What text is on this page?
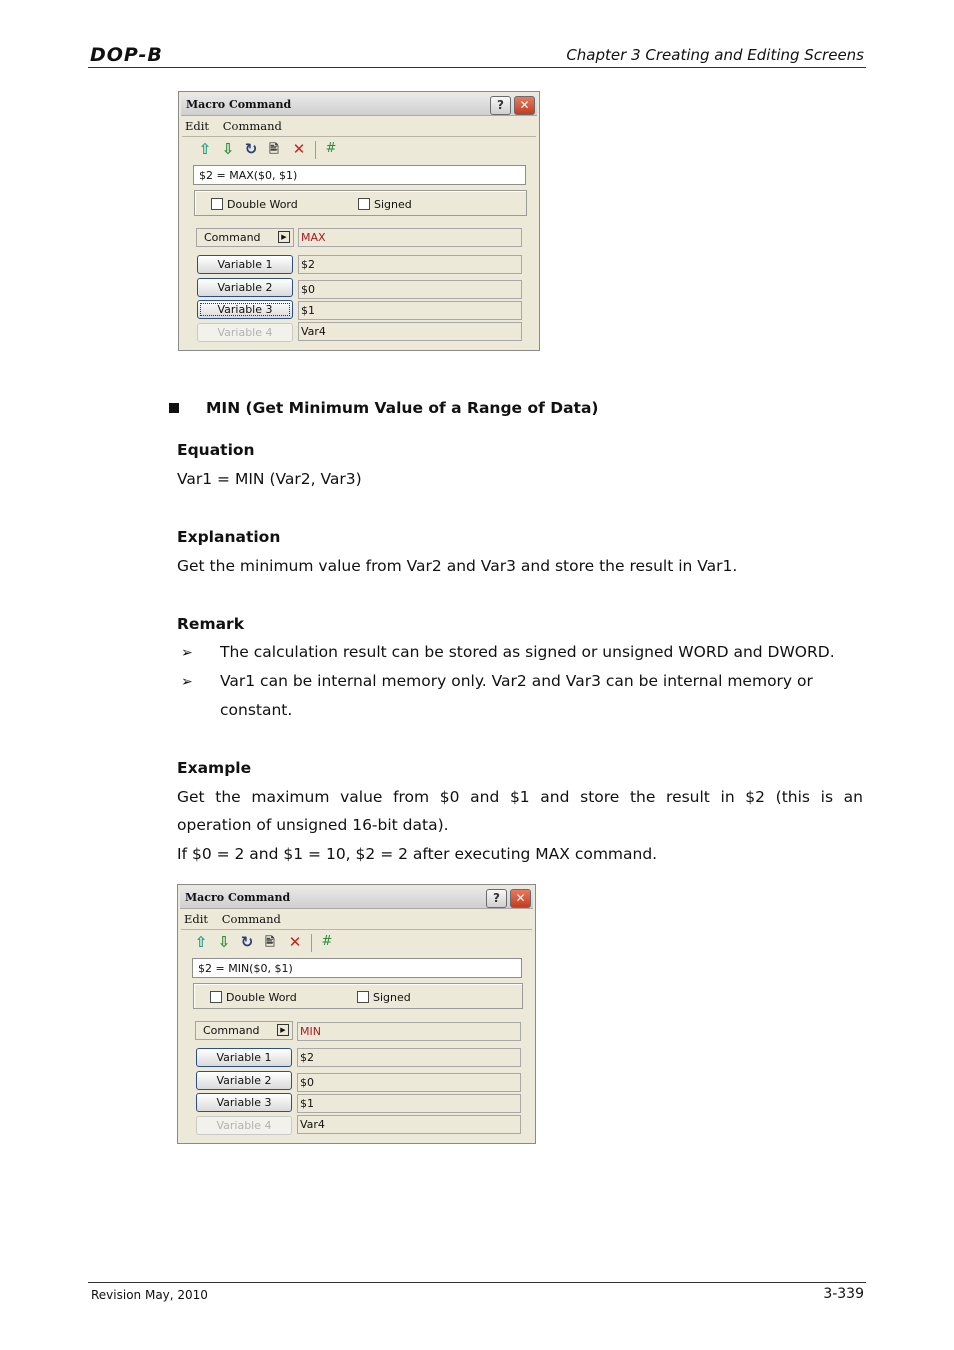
DOP-B	Chapter 3 Creating and Editing Screens
Macro Command	?	✕
Edit Command
⇧ ⇩ ↻ 🖹 ✕ #
$2 = MAX($0, $1)
Double Word	Signed
Command	▶	MAX
Variable 1	$2
Variable 2	$0
Variable 3	$1
Variable 4	Var4
MIN (Get Minimum Value of a Range of Data)
Equation
Var1 = MIN (Var2, Var3)
Explanation
Get the minimum value from Var2 and Var3 and store the result in Var1.
Remark
➢ The calculation result can be stored as signed or unsigned WORD and DWORD.
➢ Var1 can be internal memory only. Var2 and Var3 can be internal memory or
constant.
Example
Get the maximum value from $0 and $1 and store the result in $2 (this is an
operation of unsigned 16-bit data).
If $0 = 2 and $1 = 10, $2 = 2 after executing MAX command.
Macro Command	?	✕
Edit Command
⇧ ⇩ ↻ 🖹 ✕ #
$2 = MIN($0, $1)
Double Word	Signed
Command	▶	MIN
Variable 1	$2
Variable 2	$0
Variable 3	$1
Variable 4	Var4
Revision May, 2010	3-339
